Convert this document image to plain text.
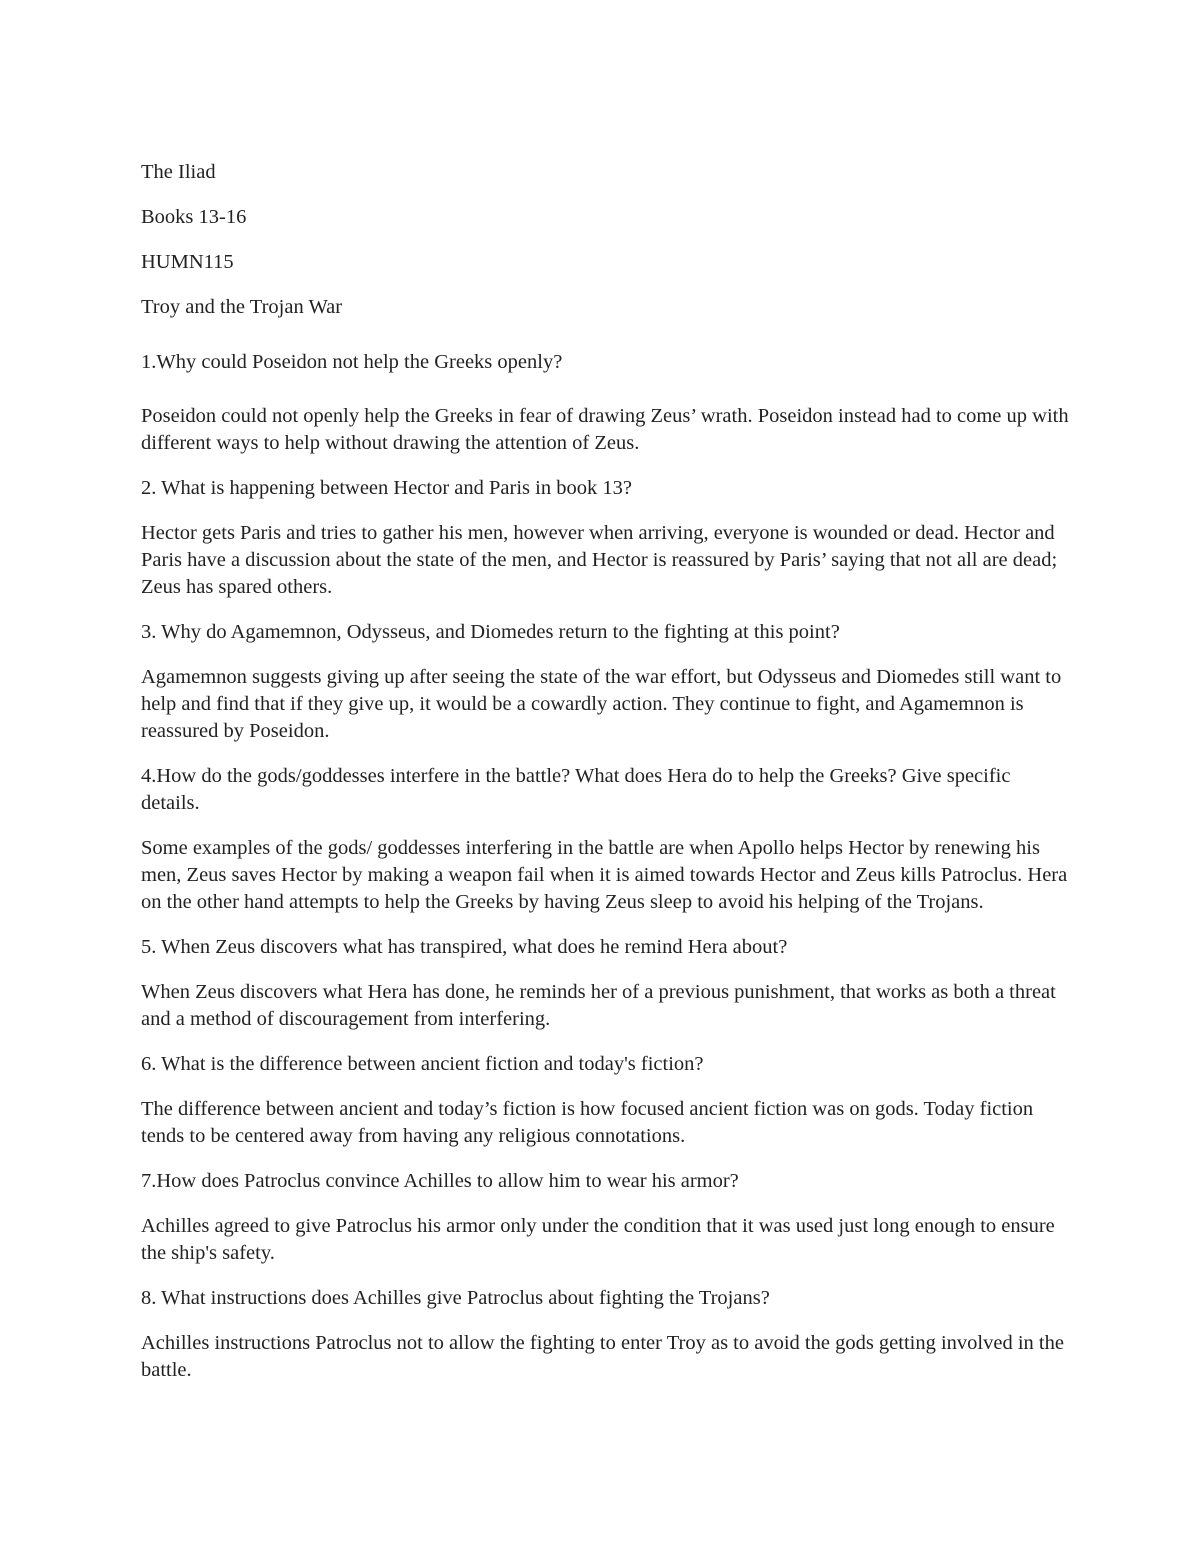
The Iliad

Books 13-16

HUMN115

Troy and the Trojan War

1.Why could Poseidon not help the Greeks openly?

Poseidon could not openly help the Greeks in fear of drawing Zeus’ wrath. Poseidon instead had to come up with different ways to help without drawing the attention of Zeus.

2. What is happening between Hector and Paris in book 13?

Hector gets Paris and tries to gather his men, however when arriving, everyone is wounded or dead. Hector and Paris have a discussion about the state of the men, and Hector is reassured by Paris’ saying that not all are dead; Zeus has spared others.

3. Why do Agamemnon, Odysseus, and Diomedes return to the fighting at this point?

Agamemnon suggests giving up after seeing the state of the war effort, but Odysseus and Diomedes still want to help and find that if they give up, it would be a cowardly action. They continue to fight, and Agamemnon is reassured by Poseidon.

4.How do the gods/goddesses interfere in the battle? What does Hera do to help the Greeks? Give specific details.

Some examples of the gods/ goddesses interfering in the battle are when Apollo helps Hector by renewing his men, Zeus saves Hector by making a weapon fail when it is aimed towards Hector and Zeus kills Patroclus. Hera on the other hand attempts to help the Greeks by having Zeus sleep to avoid his helping of the Trojans.

5. When Zeus discovers what has transpired, what does he remind Hera about?

When Zeus discovers what Hera has done, he reminds her of a previous punishment, that works as both a threat and a method of discouragement from interfering.

6. What is the difference between ancient fiction and today's fiction?

The difference between ancient and today’s fiction is how focused ancient fiction was on gods. Today fiction tends to be centered away from having any religious connotations.

7.How does Patroclus convince Achilles to allow him to wear his armor?

Achilles agreed to give Patroclus his armor only under the condition that it was used just long enough to ensure the ship's safety.

8. What instructions does Achilles give Patroclus about fighting the Trojans?

Achilles instructions Patroclus not to allow the fighting to enter Troy as to avoid the gods getting involved in the battle.
